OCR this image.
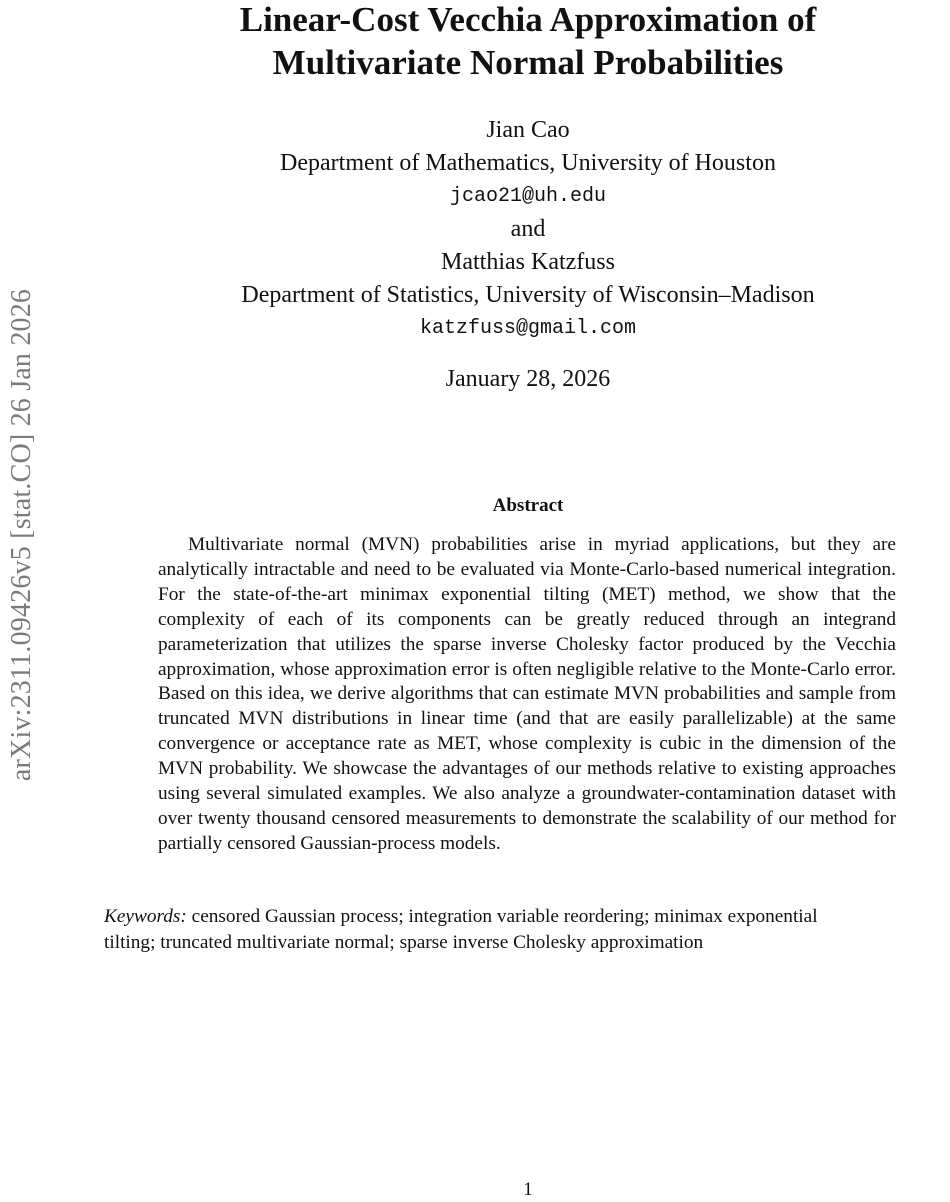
arXiv:2311.09426v5 [stat.CO] 26 Jan 2026
Linear-Cost Vecchia Approximation of
Multivariate Normal Probabilities
Jian Cao
Department of Mathematics, University of Houston
jcao21@uh.edu
and
Matthias Katzfuss
Department of Statistics, University of Wisconsin–Madison
katzfuss@gmail.com
January 28, 2026
Abstract

Multivariate normal (MVN) probabilities arise in myriad applications, but they are analytically intractable and need to be evaluated via Monte-Carlo-based numerical integration. For the state-of-the-art minimax exponential tilting (MET) method, we show that the complexity of each of its components can be greatly reduced through an integrand parameterization that utilizes the sparse inverse Cholesky factor produced by the Vecchia approximation, whose approximation error is often negligible relative to the Monte-Carlo error. Based on this idea, we derive algorithms that can estimate MVN probabilities and sample from truncated MVN distributions in linear time (and that are easily parallelizable) at the same convergence or acceptance rate as MET, whose complexity is cubic in the dimension of the MVN probability. We showcase the advantages of our methods relative to existing approaches using several simulated examples. We also analyze a groundwater-contamination dataset with over twenty thousand censored measurements to demonstrate the scalability of our method for partially censored Gaussian-process models.

Keywords: censored Gaussian process; integration variable reordering; minimax exponential
tilting; truncated multivariate normal; sparse inverse Cholesky approximation

1
